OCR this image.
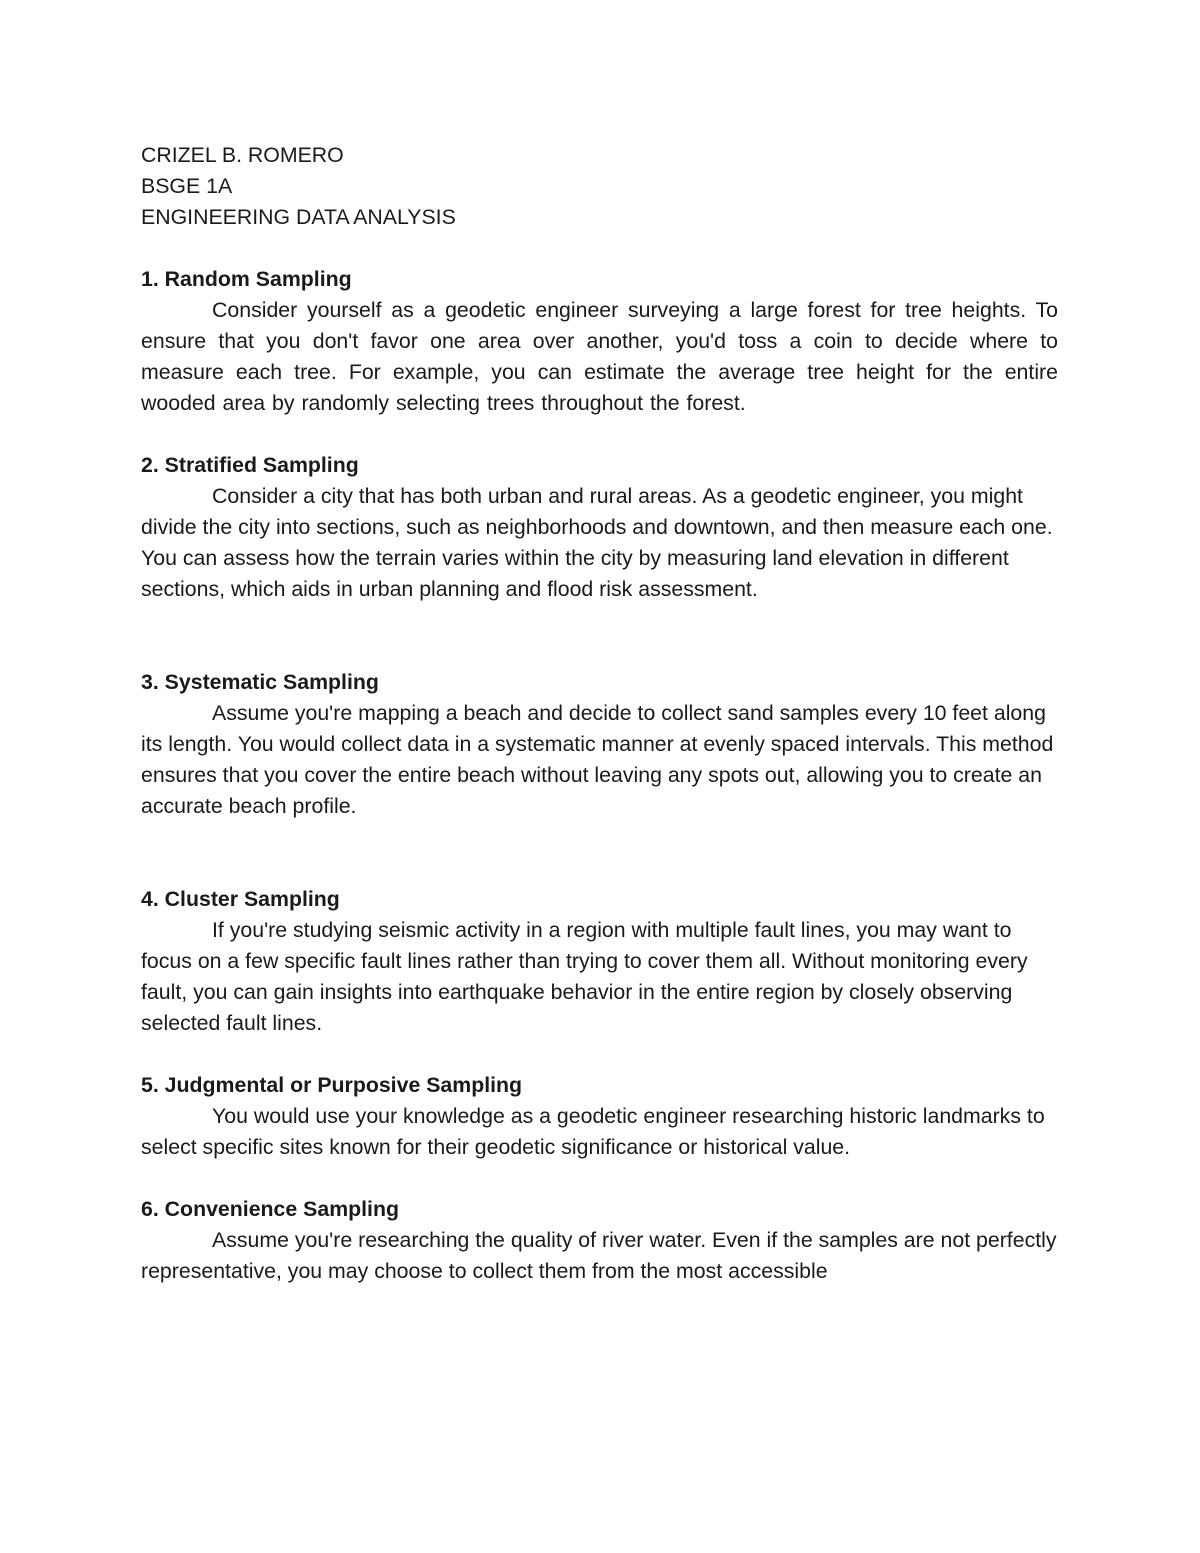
CRIZEL B. ROMERO
BSGE 1A
ENGINEERING DATA ANALYSIS
1. Random Sampling

Consider yourself as a geodetic engineer surveying a large forest for tree heights. To ensure that you don't favor one area over another, you'd toss a coin to decide where to measure each tree. For example, you can estimate the average tree height for the entire wooded area by randomly selecting trees throughout the forest.

2. Stratified Sampling

Consider a city that has both urban and rural areas. As a geodetic engineer, you might divide the city into sections, such as neighborhoods and downtown, and then measure each one. You can assess how the terrain varies within the city by measuring land elevation in different sections, which aids in urban planning and flood risk assessment.

3. Systematic Sampling

Assume you're mapping a beach and decide to collect sand samples every 10 feet along its length. You would collect data in a systematic manner at evenly spaced intervals. This method ensures that you cover the entire beach without leaving any spots out, allowing you to create an accurate beach profile.

4. Cluster Sampling

If you're studying seismic activity in a region with multiple fault lines, you may want to focus on a few specific fault lines rather than trying to cover them all. Without monitoring every fault, you can gain insights into earthquake behavior in the entire region by closely observing selected fault lines.

5. Judgmental or Purposive Sampling

You would use your knowledge as a geodetic engineer researching historic landmarks to select specific sites known for their geodetic significance or historical value.

6. Convenience Sampling

Assume you're researching the quality of river water. Even if the samples are not perfectly representative, you may choose to collect them from the most accessible
